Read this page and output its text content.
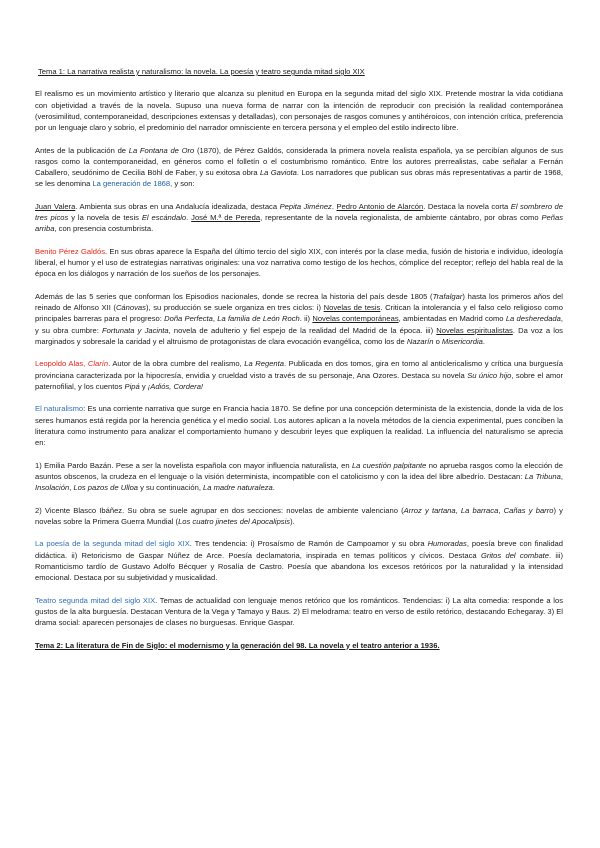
Tema 1: La narrativa realista y naturalismo: la novela. La poesía y teatro segunda mitad siglo XIX

El realismo es un movimiento artístico y literario que alcanza su plenitud en Europa en la segunda mitad del siglo XIX. Pretende mostrar la vida cotidiana con objetividad a través de la novela. Supuso una nueva forma de narrar con la intención de reproducir con precisión la realidad contemporánea (verosimilitud, contemporaneidad, descripciones extensas y detalladas), con personajes de rasgos comunes y antihéroicos, con intención crítica, preferencia por un lenguaje claro y sobrio, el predominio del narrador omnisciente en tercera persona y el empleo del estilo indirecto libre.

Antes de la publicación de La Fontana de Oro (1870), de Pérez Galdós, considerada la primera novela realista española, ya se percibían algunos de sus rasgos como la contemporaneidad, en géneros como el folletín o el costumbrismo romántico. Entre los autores prerrealistas, cabe señalar a Fernán Caballero, seudónimo de Cecilia Böhl de Faber, y su exitosa obra La Gaviota. Los narradores que publican sus obras más representativas a partir de 1968, se les denomina La generación de 1868, y son:

Juan Valera. Ambienta sus obras en una Andalucía idealizada, destaca Pepita Jiménez. Pedro Antonio de Alarcón. Destaca la novela corta El sombrero de tres picos y la novela de tesis El escándalo. José M.ª de Pereda, representante de la novela regionalista, de ambiente cántabro, por obras como Peñas arriba, con presencia costumbrista.

Benito Pérez Galdós. En sus obras aparece la España del último tercio del siglo XIX, con interés por la clase media, fusión de historia e individuo, ideología liberal, el humor y el uso de estrategias narrativas originales: una voz narrativa como testigo de los hechos, cómplice del receptor; reflejo del habla real de la época en los diálogos y narración de los sueños de los personajes.

Además de las 5 series que conforman los Episodios nacionales, donde se recrea la historia del país desde 1805 (Trafalgar) hasta los primeros años del reinado de Alfonso XII (Cánovas), su producción se suele organiza en tres ciclos: i) Novelas de tesis. Critican la intolerancia y el falso celo religioso como principales barreras para el progreso: Doña Perfecta, La familia de León Roch. ii) Novelas contemporáneas, ambientadas en Madrid como La desheredada, y su obra cumbre: Fortunata y Jacinta, novela de adulterio y fiel espejo de la realidad del Madrid de la época. iii) Novelas espiritualistas. Da voz a los marginados y sobresale la caridad y el altruismo de protagonistas de clara evocación evangélica, como los de Nazarín o Misericordia.

Leopoldo Alas, Clarín. Autor de la obra cumbre del realismo, La Regenta. Publicada en dos tomos, gira en torno al anticlericalismo y crítica una burguesía provinciana caracterizada por la hipocresía, envidia y crueldad visto a través de su personaje, Ana Ozores. Destaca su novela Su único hijo, sobre el amor paternofilial, y los cuentos Pipá y ¡Adiós, Cordera!

El naturalismo: Es una corriente narrativa que surge en Francia hacia 1870. Se define por una concepción determinista de la existencia, donde la vida de los seres humanos está regida por la herencia genética y el medio social. Los autores aplican a la novela métodos de la ciencia experimental, pues conciben la literatura como instrumento para analizar el comportamiento humano y descubrir leyes que expliquen la realidad. La influencia del naturalismo se aprecia en:

1) Emilia Pardo Bazán. Pese a ser la novelista española con mayor influencia naturalista, en La cuestión palpitante no aprueba rasgos como la elección de asuntos obscenos, la crudeza en el lenguaje o la visión determinista, incompatible con el catolicismo y con la idea del libre albedrío. Destacan: La Tribuna, Insolación, Los pazos de Ulloa y su continuación, La madre naturaleza.

2) Vicente Blasco Ibáñez. Su obra se suele agrupar en dos secciones: novelas de ambiente valenciano (Arroz y tartana, La barraca, Cañas y barro) y novelas sobre la Primera Guerra Mundial (Los cuatro jinetes del Apocalipsis).

La poesía de la segunda mitad del siglo XIX. Tres tendencia: i) Prosaísmo de Ramón de Campoamor y su obra Humoradas, poesía breve con finalidad didáctica. ii) Retoricismo de Gaspar Núñez de Arce. Poesía declamatoria, inspirada en temas políticos y cívicos. Destaca Gritos del combate. iii) Romanticismo tardío de Gustavo Adolfo Bécquer y Rosalía de Castro. Poesía que abandona los excesos retóricos por la naturalidad y la intensidad emocional. Destaca por su subjetividad y musicalidad.

Teatro segunda mitad del siglo XIX. Temas de actualidad con lenguaje menos retórico que los románticos. Tendencias: i) La alta comedia: responde a los gustos de la alta burguesía. Destacan Ventura de la Vega y Tamayo y Baus. 2) El melodrama: teatro en verso de estilo retórico, destacando Echegaray. 3) El drama social: aparecen personajes de clases no burguesas. Enrique Gaspar.

Tema 2: La literatura de Fin de Siglo: el modernismo y la generación del 98. La novela y el teatro anterior a 1936.
